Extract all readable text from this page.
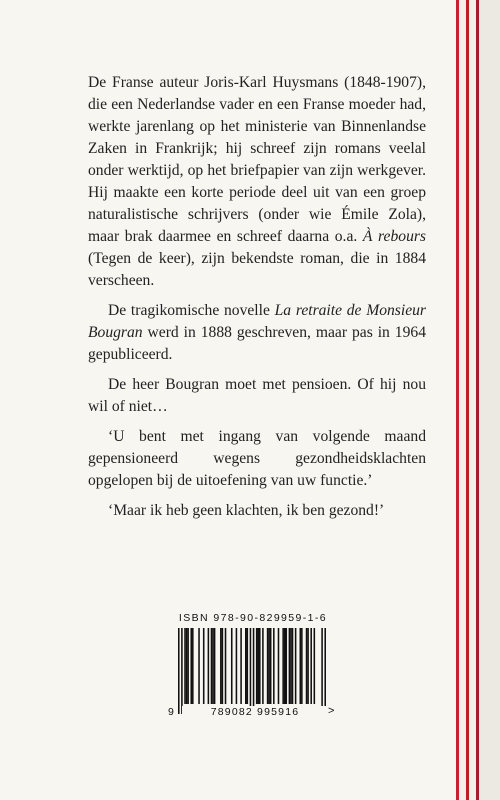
De Franse auteur Joris-Karl Huysmans (1848-1907), die een Nederlandse vader en een Franse moeder had, werkte jarenlang op het ministerie van Binnenlandse Zaken in Frankrijk; hij schreef zijn romans veelal onder werktijd, op het briefpapier van zijn werkgever. Hij maakte een korte periode deel uit van een groep naturalistische schrijvers (onder wie Émile Zola), maar brak daarmee en schreef daarna o.a. À rebours (Tegen de keer), zijn bekendste roman, die in 1884 verscheen.

De tragikomische novelle La retraite de Monsieur Bougran werd in 1888 geschreven, maar pas in 1964 gepubliceerd.

De heer Bougran moet met pensioen. Of hij nou wil of niet…

‘U bent met ingang van volgende maand gepensioneerd wegens gezondheidsklachten opgelopen bij de uitoefening van uw functie.’

‘Maar ik heb geen klachten, ik ben gezond!’

ISBN 978-90-829959-1-6
9	789082 995916	>
